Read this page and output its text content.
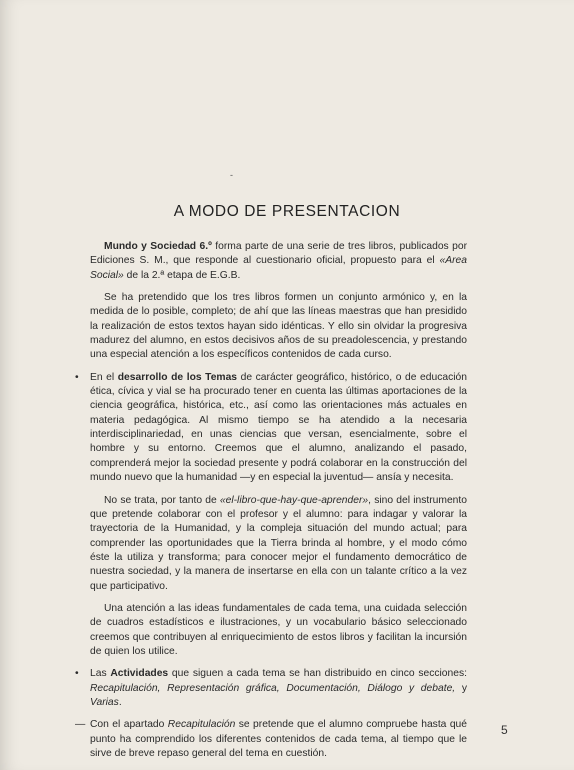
-
A MODO DE PRESENTACION

Mundo y Sociedad 6.º forma parte de una serie de tres libros, publicados por Ediciones S. M., que responde al cuestionario oficial, propuesto para el «Area Social» de la 2.ª etapa de E.G.B.

Se ha pretendido que los tres libros formen un conjunto armónico y, en la medida de lo posible, completo; de ahí que las líneas maestras que han presidido la realización de estos textos hayan sido idénticas. Y ello sin olvidar la progresiva madurez del alumno, en estos decisivos años de su preadolescencia, y prestando una especial atención a los específicos contenidos de cada curso.

• En el desarrollo de los Temas de carácter geográfico, histórico, o de educación ética, cívica y vial se ha procurado tener en cuenta las últimas aportaciones de la ciencia geográfica, histórica, etc., así como las orientaciones más actuales en materia pedagógica. Al mismo tiempo se ha atendido a la necesaria interdisciplinariedad, en unas ciencias que versan, esencialmente, sobre el hombre y su entorno. Creemos que el alumno, analizando el pasado, comprenderá mejor la sociedad presente y podrá colaborar en la construcción del mundo nuevo que la humanidad —y en especial la juventud— ansía y necesita.

No se trata, por tanto de «el-libro-que-hay-que-aprender», sino del instrumento que pretende colaborar con el profesor y el alumno: para indagar y valorar la trayectoria de la Humanidad, y la compleja situación del mundo actual; para comprender las oportunidades que la Tierra brinda al hombre, y el modo cómo éste la utiliza y transforma; para conocer mejor el fundamento democrático de nuestra sociedad, y la manera de insertarse en ella con un talante crítico a la vez que participativo.

Una atención a las ideas fundamentales de cada tema, una cuidada selección de cuadros estadísticos e ilustraciones, y un vocabulario básico seleccionado creemos que contribuyen al enriquecimiento de estos libros y facilitan la incursión de quien los utilice.

• Las Actividades que siguen a cada tema se han distribuido en cinco secciones: Recapitulación, Representación gráfica, Documentación, Diálogo y debate, y Varias.
— Con el apartado Recapitulación se pretende que el alumno compruebe hasta qué punto ha comprendido los diferentes contenidos de cada tema, al tiempo que le sirve de breve repaso general del tema en cuestión.
5
